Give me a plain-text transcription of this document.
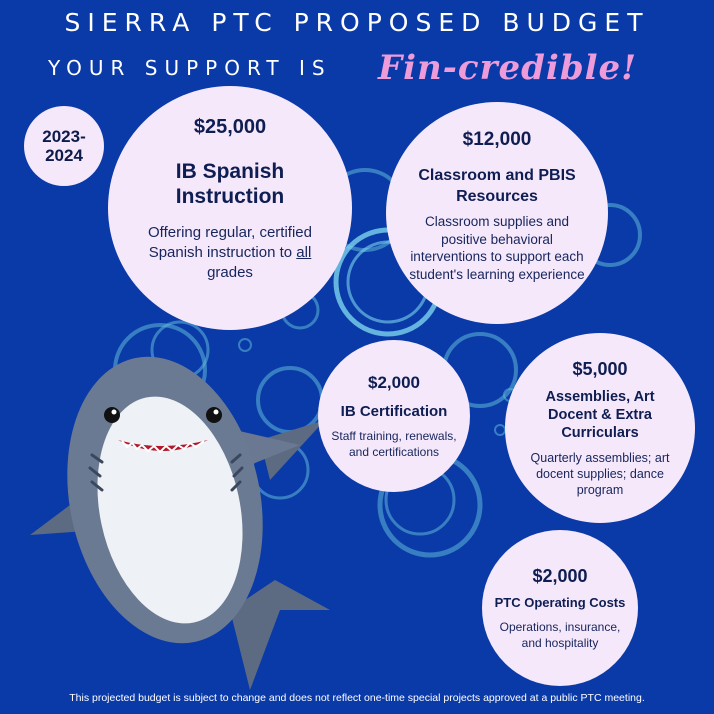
SIERRA PTC PROPOSED BUDGET
YOUR SUPPORT IS Fin-credible!
2023-
2024
$25,000
IB Spanish Instruction
Offering regular, certified Spanish instruction to all grades
$12,000
Classroom and PBIS Resources
Classroom supplies and positive behavioral interventions to support each student's learning experience
$2,000
IB Certification
Staff training, renewals, and certifications
$5,000
Assemblies, Art Docent & Extra Curriculars
Quarterly assemblies; art docent supplies; dance program
$2,000
PTC Operating Costs
Operations, insurance, and hospitality
This projected budget is subject to change and does not reflect one-time special projects approved at a public PTC meeting.
